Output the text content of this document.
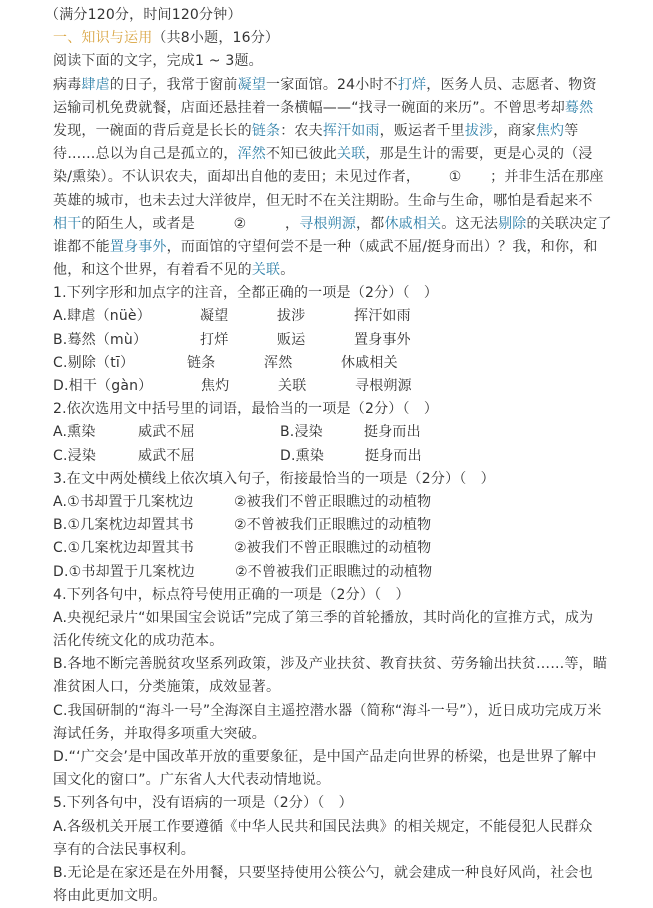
（满分120分，时间120分钟）
一、知识与运用（共8小题，16分）
阅读下面的文字，完成1 ~ 3题。
病毒肆虐的日子，我常于窗前凝望一家面馆。24小时不打烊，医务人员、志愿者、物资
运输司机免费就餐，店面还悬挂着一条横幅——“找寻一碗面的来历”。不曾思考却蓦然
发现，一碗面的背后竟是长长的链条：农夫挥汗如雨，贩运者千里拔涉，商家焦灼等
待……总以为自己是孤立的，浑然不知已彼此关联，那是生计的需要，更是心灵的（浸
染/熏染）。不认识农夫，面却出自他的麦田；未见过作者， ① ；并非生活在那座
英雄的城市，也未去过大洋彼岸，但无时不在关注期盼。生命与生命，哪怕是看起来不
相干的陌生人，或者是	②	，寻根朔源，都休戚相关。这无法剔除的关联决定了
谁都不能置身事外，而面馆的守望何尝不是一种（威武不屈/挺身而出）？我，和你，和
他，和这个世界，有着看不见的关联。
1.下列字形和加点字的注音，全都正确的一项是（2分）（　）
A.肆虐（nüè）	凝望	拔涉	挥汗如雨
B.蓦然（mù）	打烊	贩运	置身事外
C.剔除（tī）	链条	浑然	休戚相关
D.相干（gàn）	焦灼	关联	寻根朔源
2.依次选用文中括号里的词语，最恰当的一项是（2分）（　）
A.熏染	威武不屈	B.浸染	挺身而出
C.浸染	威武不屈	D.熏染	挺身而出
3.在文中两处横线上依次填入句子，衔接最恰当的一项是（2分）（　）
A.①书却置于几案枕边	②被我们不曾正眼瞧过的动植物
B.①几案枕边却置其书	②不曾被我们正眼瞧过的动植物
C.①几案枕边却置其书	②被我们不曾正眼瞧过的动植物
D.①书却置于几案枕边	②不曾被我们正眼瞧过的动植物
4.下列各句中，标点符号使用正确的一项是（2分）（　）
A.央视纪录片“如果国宝会说话”完成了第三季的首轮播放，其时尚化的宣推方式，成为
活化传统文化的成功范本。
B.各地不断完善脱贫攻坚系列政策，涉及产业扶贫、教育扶贫、劳务输出扶贫……等，瞄
准贫困人口，分类施策，成效显著。
C.我国研制的“海斗一号”全海深自主遥控潜水器（简称“海斗一号”），近日成功完成万米
海试任务，并取得多项重大突破。
D.“‘广交会’是中国改革开放的重要象征，是中国产品走向世界的桥梁，也是世界了解中
国文化的窗口”。广东省人大代表动情地说。
5.下列各句中，没有语病的一项是（2分）（　）
A.各级机关开展工作要遵循《中华人民共和国民法典》的相关规定，不能侵犯人民群众
享有的合法民事权利。
B.无论是在家还是在外用餐，只要坚持使用公筷公勺，就会建成一种良好风尚，社会也
将由此更加文明。
